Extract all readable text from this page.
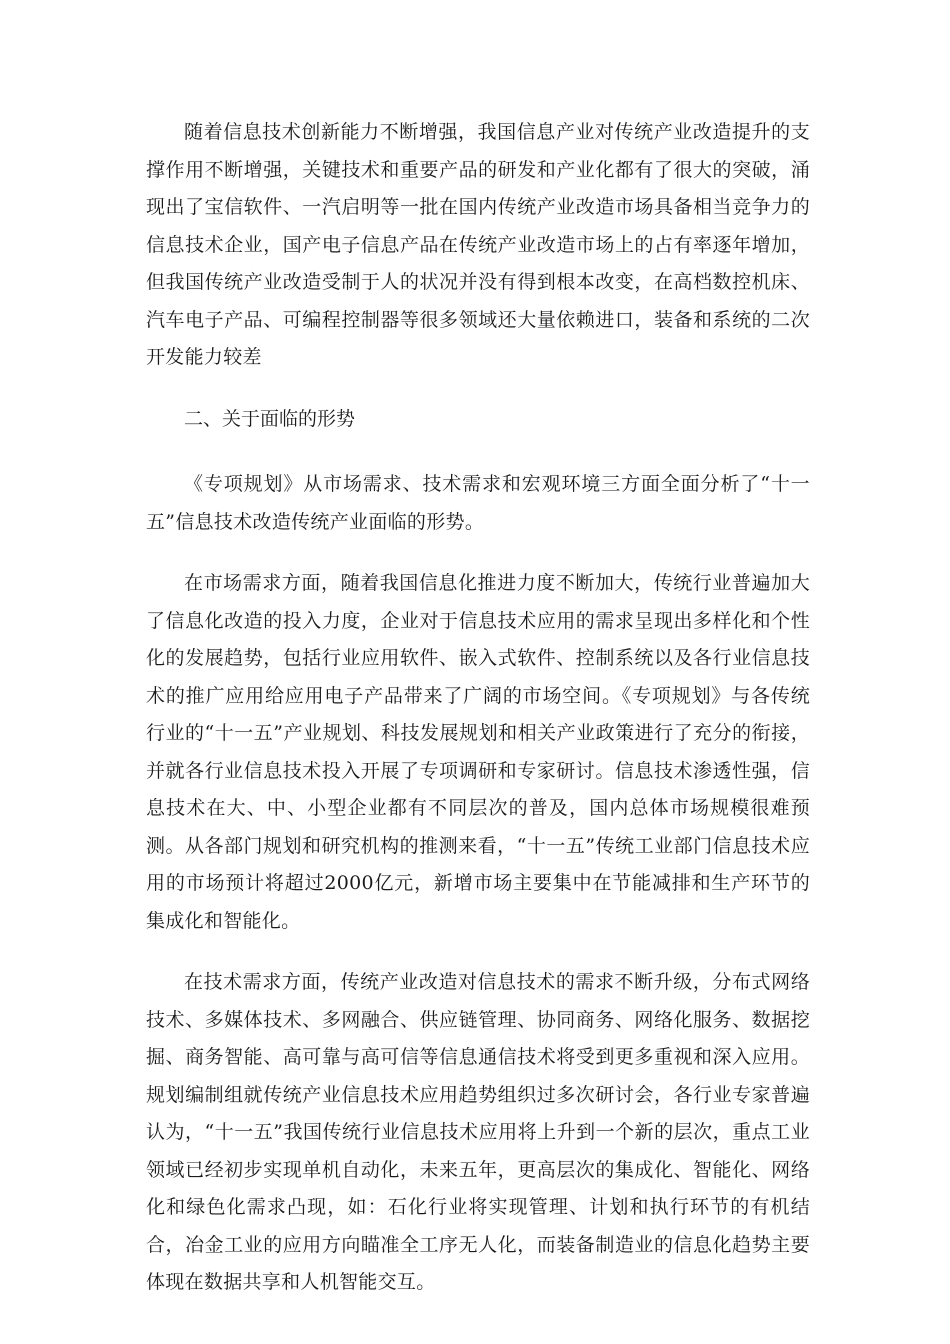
随着信息技术创新能力不断增强，我国信息产业对传统产业改造提升的支撑作用不断增强，关键技术和重要产品的研发和产业化都有了很大的突破，涌现出了宝信软件、一汽启明等一批在国内传统产业改造市场具备相当竞争力的信息技术企业，国产电子信息产品在传统产业改造市场上的占有率逐年增加，但我国传统产业改造受制于人的状况并没有得到根本改变，在高档数控机床、汽车电子产品、可编程控制器等很多领域还大量依赖进口，装备和系统的二次开发能力较差

二、关于面临的形势

《专项规划》从市场需求、技术需求和宏观环境三方面全面分析了“十一五”信息技术改造传统产业面临的形势。

在市场需求方面，随着我国信息化推进力度不断加大，传统行业普遍加大了信息化改造的投入力度，企业对于信息技术应用的需求呈现出多样化和个性化的发展趋势，包括行业应用软件、嵌入式软件、控制系统以及各行业信息技术的推广应用给应用电子产品带来了广阔的市场空间。《专项规划》与各传统行业的“十一五”产业规划、科技发展规划和相关产业政策进行了充分的衔接，并就各行业信息技术投入开展了专项调研和专家研讨。信息技术渗透性强，信息技术在大、中、小型企业都有不同层次的普及，国内总体市场规模很难预测。从各部门规划和研究机构的推测来看，“十一五”传统工业部门信息技术应用的市场预计将超过2000亿元，新增市场主要集中在节能减排和生产环节的集成化和智能化。

在技术需求方面，传统产业改造对信息技术的需求不断升级，分布式网络技术、多媒体技术、多网融合、供应链管理、协同商务、网络化服务、数据挖掘、商务智能、高可靠与高可信等信息通信技术将受到更多重视和深入应用。规划编制组就传统产业信息技术应用趋势组织过多次研讨会，各行业专家普遍认为，“十一五”我国传统行业信息技术应用将上升到一个新的层次，重点工业领域已经初步实现单机自动化，未来五年，更高层次的集成化、智能化、网络化和绿色化需求凸现，如：石化行业将实现管理、计划和执行环节的有机结合，冶金工业的应用方向瞄准全工序无人化，而装备制造业的信息化趋势主要体现在数据共享和人机智能交互。
